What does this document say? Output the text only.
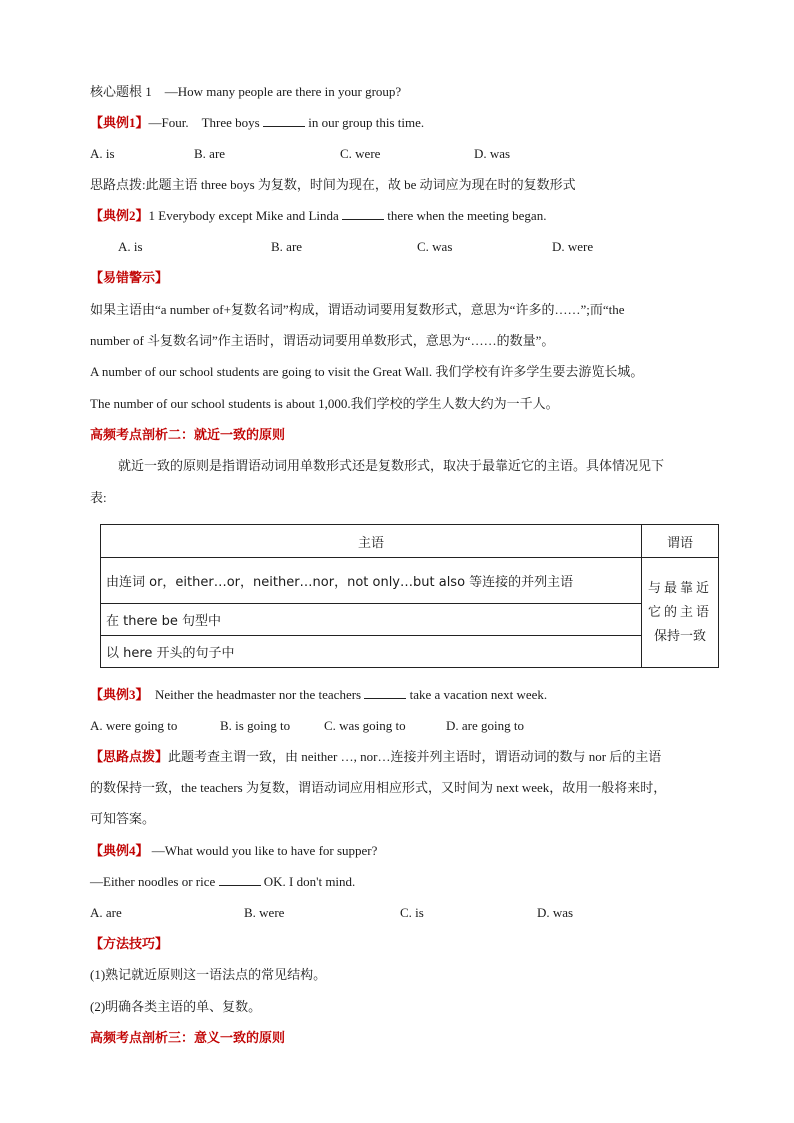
核心题根 1　—How many people are there in your group?
【典例1】—Four.　Three boys	in our group this time.
A. is	B. are	C. were	D. was
思路点拨:此题主语 three boys 为复数，时间为现在，故 be 动词应为现在时的复数形式
【典例2】1 Everybody except Mike and Linda	there when the meeting began.
A. is	B. are	C. was	D. were
【易错警示】
如果主语由“a number of+复数名词”构成，谓语动词要用复数形式，意思为“许多的……”;而“the
number of 斗复数名词”作主语时，谓语动词要用单数形式，意思为“……的数量”。
A number of our school students are going to visit the Great Wall. 我们学校有许多学生要去游览长城。
The number of our school students is about 1,000.我们学校的学生人数大约为一千人。
高频考点剖析二：就近一致的原则
就近一致的原则是指谓语动词用单数形式还是复数形式，取决于最靠近它的主语。具体情况见下
表:
主语	谓语
由连词 or，either…or，neither…nor，not only…but also 等连接的并列主语	与最靠近
它的主语
保持一致

在 there be 句型中	
以 here 开头的句子中	
【典例3】　Neither the headmaster nor the teachers	take a vacation next week.
A. were going to	B. is going to	C. was going to	D. are going to
【思路点拨】此题考查主谓一致，由 neither …, nor…连接并列主语时，谓语动词的数与 nor 后的主语
的数保持一致，the teachers 为复数，谓语动词应用相应形式，又时间为 next week，故用一般将来时，
可知答案。
【典例4】 —What would you like to have for supper?
—Either noodles or rice	OK. I don't mind.
A. are	B. were	C. is	D. was
【方法技巧】
(1)熟记就近原则这一语法点的常见结构。
(2)明确各类主语的单、复数。
高频考点剖析三：意义一致的原则
